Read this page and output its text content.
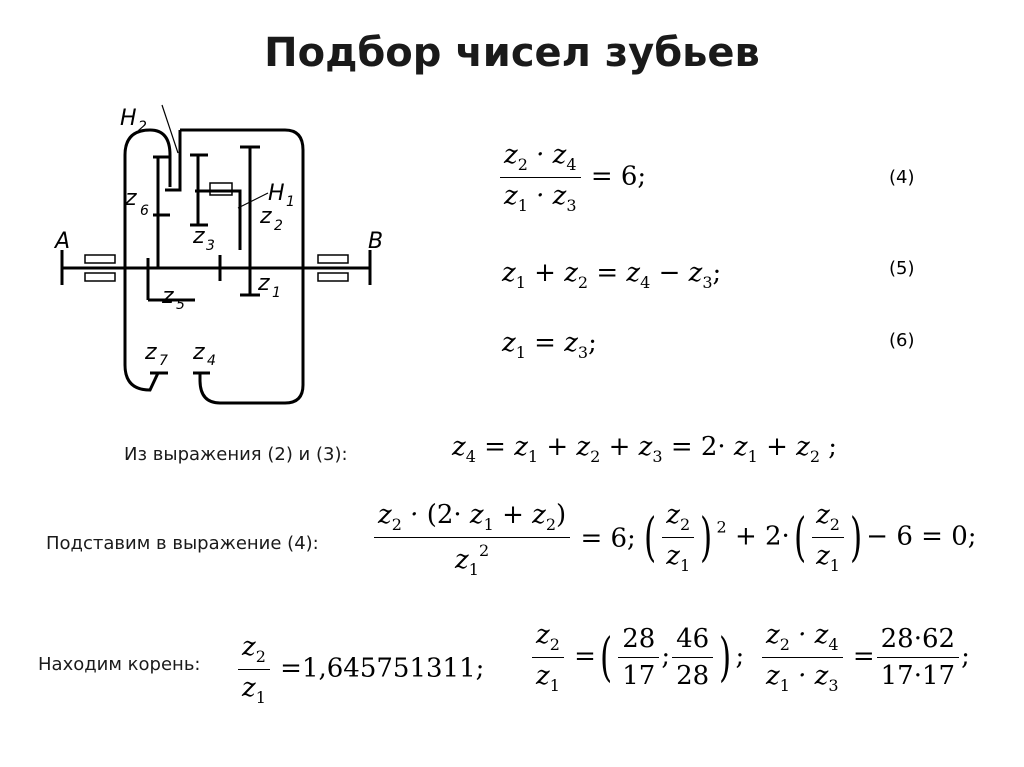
Подбор чисел зубьев
A	B
H 2
H 1
z 6
z 3
z 2
z 1
z 5
z 7 z 4
$\frac{z_2 \cdot z_4}{z_1 \cdot z_3} = 6$;	(4)
$z_1 + z_2 = z_4 - z_3$;	(5)
$z_1 = z_3$;	(6)
Из выражения (2) и (3):	$z_4 = z_1 + z_2 + z_3 = 2\cdot z_1 + z_2$ ;
Подставим в выражение (4): $\frac{z_2 \cdot (2\cdot z_1 + z_2)}{z_1^2} = 6$; ( $\frac{z_2}{z_1}$ ) $^2 + 2\cdot( \frac{z_2}{z_1}$ ) − 6 = 0;
Находим корень: $\frac{z_2}{z_1} =1,645751311$; $\frac{z_2}{z_1}$ =( $\frac{28}{17}$ ; $\frac{46}{28}$ ) ; $\frac{z_2 \cdot z_4}{z_1 \cdot z_3} = \frac{28\cdot 62}{17\cdot 17}$ ;
